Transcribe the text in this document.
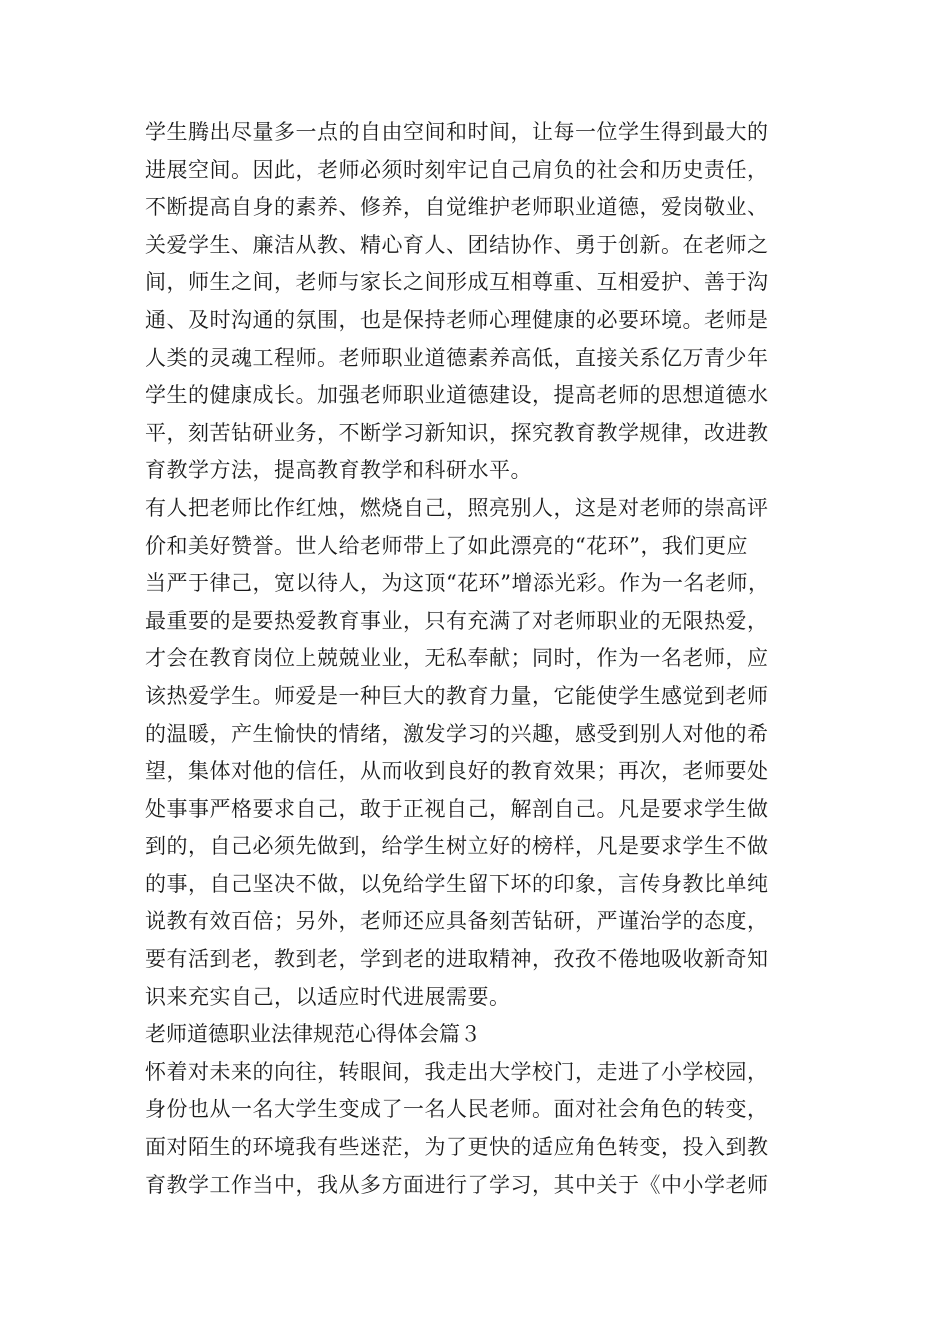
学生腾出尽量多一点的自由空间和时间，让每一位学生得到最大的
进展空间。因此，老师必须时刻牢记自己肩负的社会和历史责任，
不断提高自身的素养、修养，自觉维护老师职业道德，爱岗敬业、
关爱学生、廉洁从教、精心育人、团结协作、勇于创新。在老师之
间，师生之间，老师与家长之间形成互相尊重、互相爱护、善于沟
通、及时沟通的氛围，也是保持老师心理健康的必要环境。老师是
人类的灵魂工程师。老师职业道德素养高低，直接关系亿万青少年
学生的健康成长。加强老师职业道德建设，提高老师的思想道德水
平，刻苦钻研业务，不断学习新知识，探究教育教学规律，改进教
育教学方法，提高教育教学和科研水平。
有人把老师比作红烛，燃烧自己，照亮别人，这是对老师的崇高评
价和美好赞誉。世人给老师带上了如此漂亮的“花环”，我们更应
当严于律己，宽以待人，为这顶“花环”增添光彩。作为一名老师，
最重要的是要热爱教育事业，只有充满了对老师职业的无限热爱，
才会在教育岗位上兢兢业业，无私奉献；同时，作为一名老师，应
该热爱学生。师爱是一种巨大的教育力量，它能使学生感觉到老师
的温暖，产生愉快的情绪，激发学习的兴趣，感受到别人对他的希
望，集体对他的信任，从而收到良好的教育效果；再次，老师要处
处事事严格要求自己，敢于正视自己，解剖自己。凡是要求学生做
到的，自己必须先做到，给学生树立好的榜样，凡是要求学生不做
的事，自己坚决不做，以免给学生留下坏的印象，言传身教比单纯
说教有效百倍；另外，老师还应具备刻苦钻研，严谨治学的态度，
要有活到老，教到老，学到老的进取精神，孜孜不倦地吸收新奇知
识来充实自己，以适应时代进展需要。
老师道德职业法律规范心得体会篇３
怀着对未来的向往，转眼间，我走出大学校门，走进了小学校园，
身份也从一名大学生变成了一名人民老师。面对社会角色的转变，
面对陌生的环境我有些迷茫，为了更快的适应角色转变，投入到教
育教学工作当中，我从多方面进行了学习，其中关于《中小学老师
